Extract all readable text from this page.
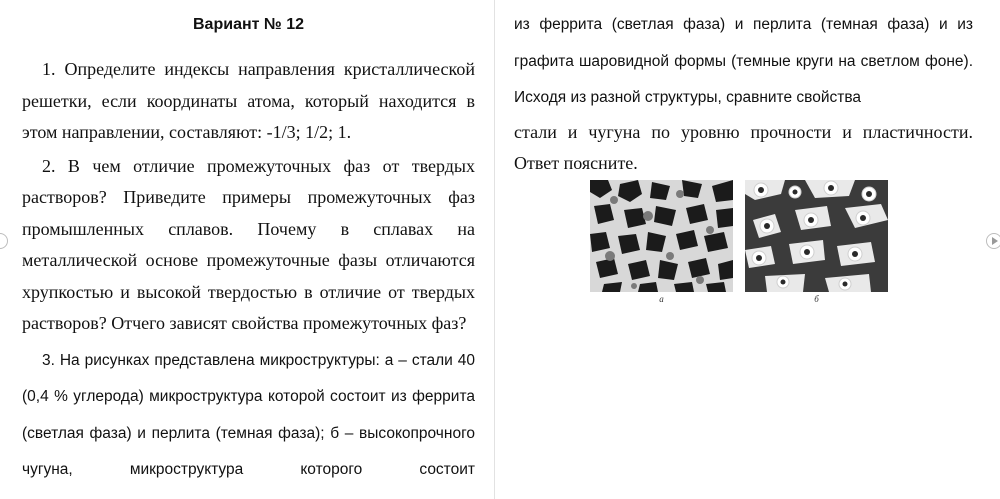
Вариант № 12

1. Определите индексы направления кристаллической решетки, если координаты атома, который находится в этом направлении, составляют: -1/3; 1/2; 1.

2. В чем отличие промежуточных фаз от твердых растворов? Приведите примеры промежуточных фаз промышленных сплавов. Почему в сплавах на металлической основе промежуточные фазы отличаются хрупкостью и высокой твердостью в отличие от твердых растворов? Отчего зависят свойства промежуточных фаз?

3. На рисунках представлена микроструктуры: а – стали 40 (0,4 % углерода) микроструктура которой состоит из феррита (светлая фаза) и перлита (темная фаза); б – высокопрочного чугуна, микроструктура которого состоит

из феррита (светлая фаза) и перлита (темная фаза) и из графита шаровидной формы (темные круги на светлом фоне). Исходя из разной структуры, сравните свойства

стали и чугуна по уровню прочности и пластичности. Ответ поясните.

а	б
